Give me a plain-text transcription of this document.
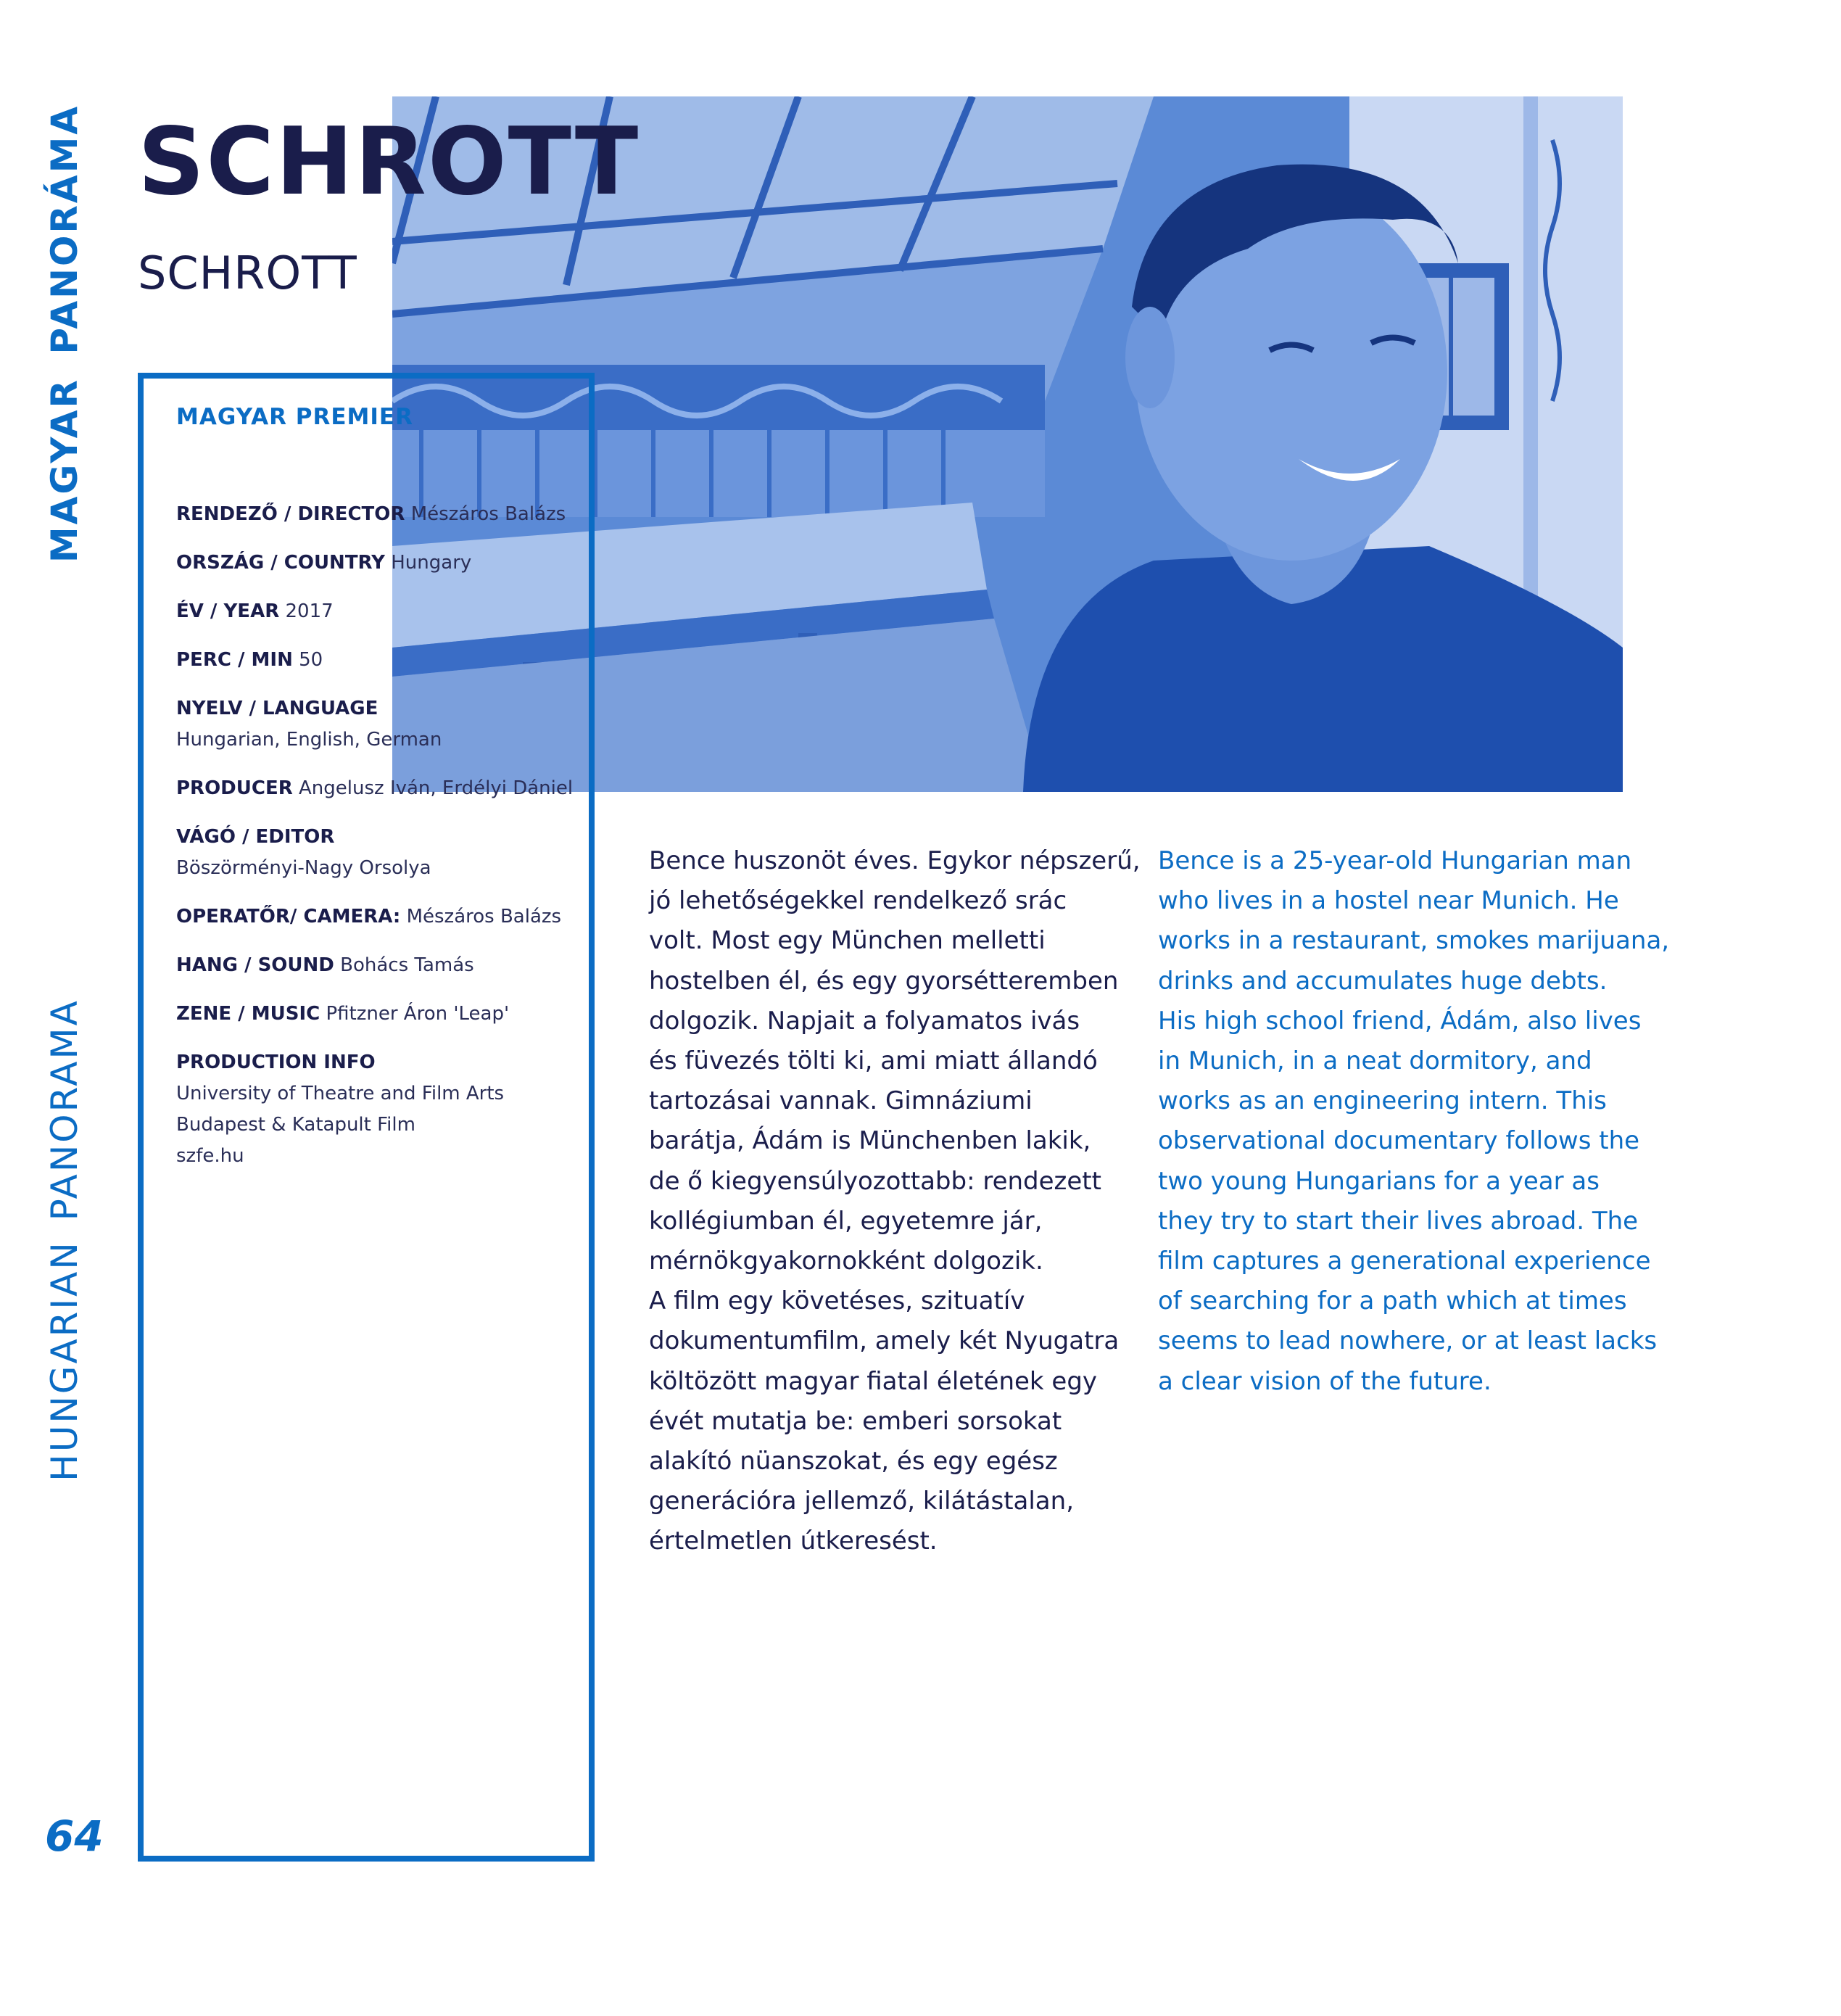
MAGYAR PANORÁMA
HUNGARIAN PANORAMA
SCHROTT
SCHROTT
MAGYAR PREMIER
RENDEZŐ / DIRECTOR Mészáros Balázs
ORSZÁG / COUNTRY Hungary
ÉV / YEAR 2017
PERC / MIN 50
NYELV / LANGUAGE
Hungarian, English, German
PRODUCER Angelusz Iván, Erdélyi Dániel
VÁGÓ / EDITOR
Böszörményi-Nagy Orsolya
OPERATŐR/ CAMERA: Mészáros Balázs
HANG / SOUND Bohács Tamás
ZENE / MUSIC Pfitzner Áron 'Leap'
PRODUCTION INFO
University of Theatre and Film Arts
Budapest & Katapult Film
szfe.hu

Bence huszonöt éves. Egykor népszerű,
jó lehetőségekkel rendelkező srác
volt. Most egy München melletti
hostelben él, és egy gyorsétteremben
dolgozik. Napjait a folyamatos ivás
és füvezés tölti ki, ami miatt állandó
tartozásai vannak. Gimnáziumi
barátja, Ádám is Münchenben lakik,
de ő kiegyensúlyozottabb: rendezett
kollégiumban él, egyetemre jár,
mérnökgyakornokként dolgozik.
A film egy követéses, szituatív
dokumentumfilm, amely két Nyugatra
költözött magyar fiatal életének egy
évét mutatja be: emberi sorsokat
alakító nüanszokat, és egy egész
generációra jellemző, kilátástalan,
értelmetlen útkeresést.

Bence is a 25-year-old Hungarian man
who lives in a hostel near Munich. He
works in a restaurant, smokes marijuana,
drinks and accumulates huge debts.
His high school friend, Ádám, also lives
in Munich, in a neat dormitory, and
works as an engineering intern. This
observational documentary follows the
two young Hungarians for a year as
they try to start their lives abroad. The
film captures a generational experience
of searching for a path which at times
seems to lead nowhere, or at least lacks
a clear vision of the future.

64
